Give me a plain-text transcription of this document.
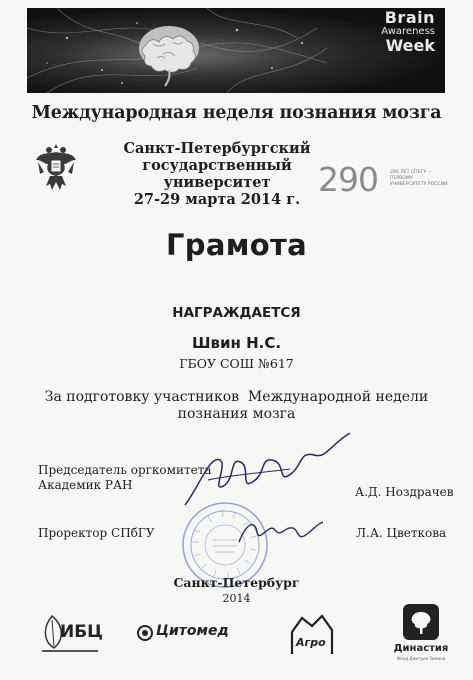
Brain
Awareness
Week
Международная неделя познания мозга
Санкт-Петербургский государственный
университет
27-29 марта 2014 г.
290	290 ЛЕТ СПБГУ — ПЕРВОМУ УНИВЕРСИТЕТУ РОССИИ
Грамота
НАГРАЖДАЕТСЯ
Швин Н.С.
ГБОУ СОШ №617
За подготовку участников  Международной недели
познания мозга
Председатель оргкомитета
Академик РАН	А.Д. Ноздрачев
Проректор СПбГУ	Л.А. Цветкова
Санкт-Петербург
2014
ИБЦ	Цитомед
Агро	Династия
Фонд Дмитрия Зимина
